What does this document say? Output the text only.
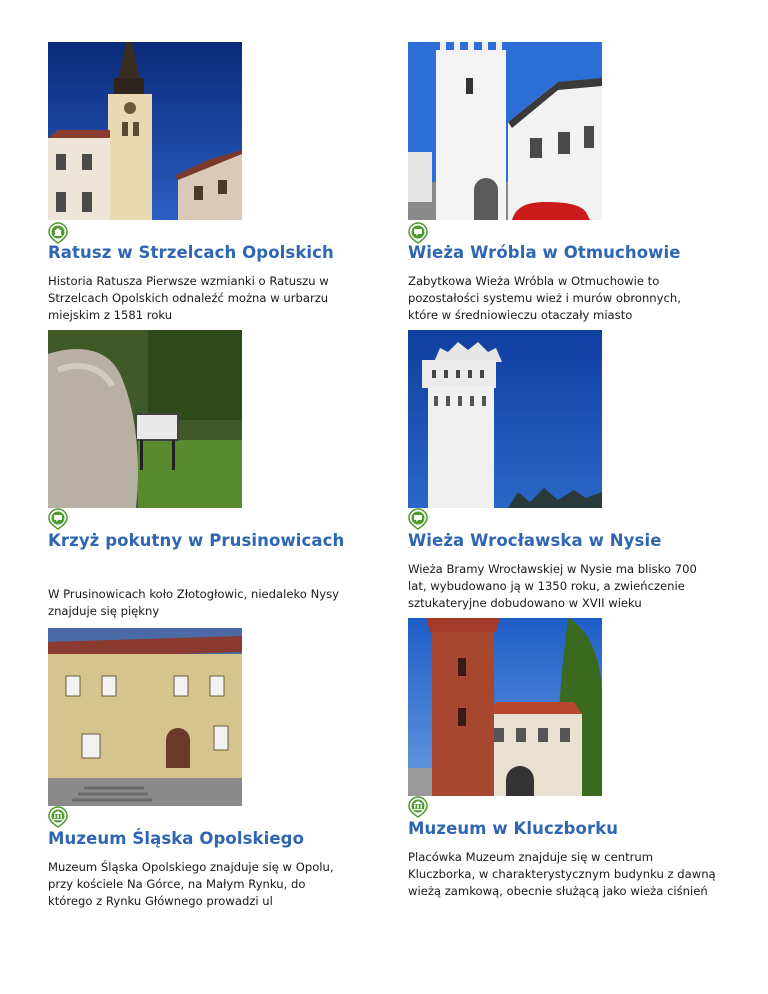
Ratusz w Strzelcach Opolskich

Historia Ratusza Pierwsze wzmianki o Ratuszu w Strzelcach Opolskich odnaleźć można w urbarzu miejskim z 1581 roku

Wieża Wróbla w Otmuchowie

Zabytkowa Wieża Wróbla w Otmuchowie to pozostałości systemu wież i murów obronnych, które w średniowieczu otaczały miasto

Krzyż pokutny w Prusinowicach

W Prusinowicach koło Złotogłowic, niedaleko Nysy znajduje się piękny

Wieża Wrocławska w Nysie

Wieża Bramy Wrocławskiej w Nysie ma blisko 700 lat, wybudowano ją w 1350 roku, a zwieńczenie sztukateryjne dobudowano w XVII wieku

Muzeum Śląska Opolskiego

Muzeum Śląska Opolskiego znajduje się w Opolu, przy kościele Na Górce, na Małym Rynku, do którego z Rynku Głównego prowadzi ul

Muzeum w Kluczborku

Placówka Muzeum znajduje się w centrum Kluczborka, w charakterystycznym budynku z dawną wieżą zamkową, obecnie służącą jako wieża ciśnień
